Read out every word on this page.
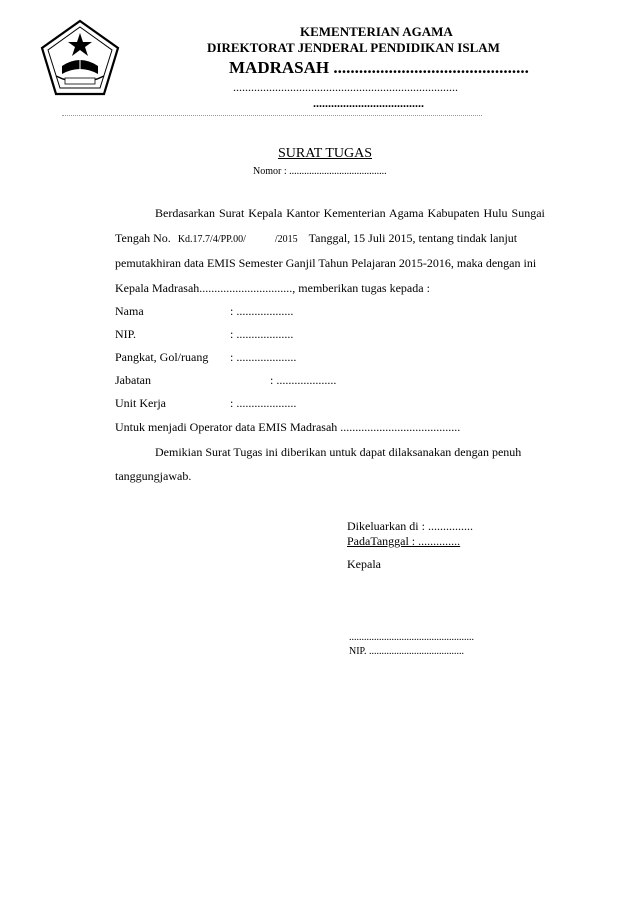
KEMENTERIAN AGAMA
DIREKTORAT JENDERAL PENDIDIKAN ISLAM
MADRASAH ..............................................
...........................................................................
.....................................
SURAT TUGAS
Nomor : .......................................
Berdasarkan Surat Kepala Kantor Kementerian Agama Kabupaten Hulu Sungai
Tengah No. Kd.17.7/4/PP.00/	/2015 Tanggal, 15 Juli 2015, tentang tindak lanjut
pemutakhiran data EMIS Semester Ganjil Tahun Pelajaran 2015-2016, maka dengan ini
Kepala Madrasah..............................., memberikan tugas kepada :
Nama	: ...................
NIP.	: ...................
Pangkat, Gol/ruang : ....................
Jabatan	: ....................
Unit Kerja	: ....................
Untuk menjadi Operator data EMIS Madrasah ........................................
Demikian Surat Tugas ini diberikan untuk dapat dilaksanakan dengan penuh
tanggungjawab.
Dikeluarkan di : ...............
PadaTanggal : ..............
Kepala
..................................................
NIP. ......................................
